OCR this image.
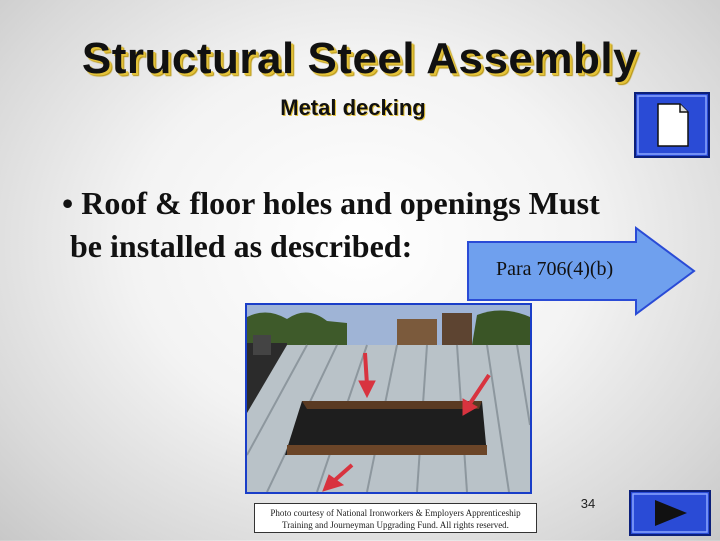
Structural Steel Assembly
Metal decking
• Roof & floor holes and openings Must
be installed as described:
Para 706(4)(b)
Photo courtesy of National Ironworkers & Employers Apprenticeship
Training and Journeyman Upgrading Fund. All rights reserved.
34
